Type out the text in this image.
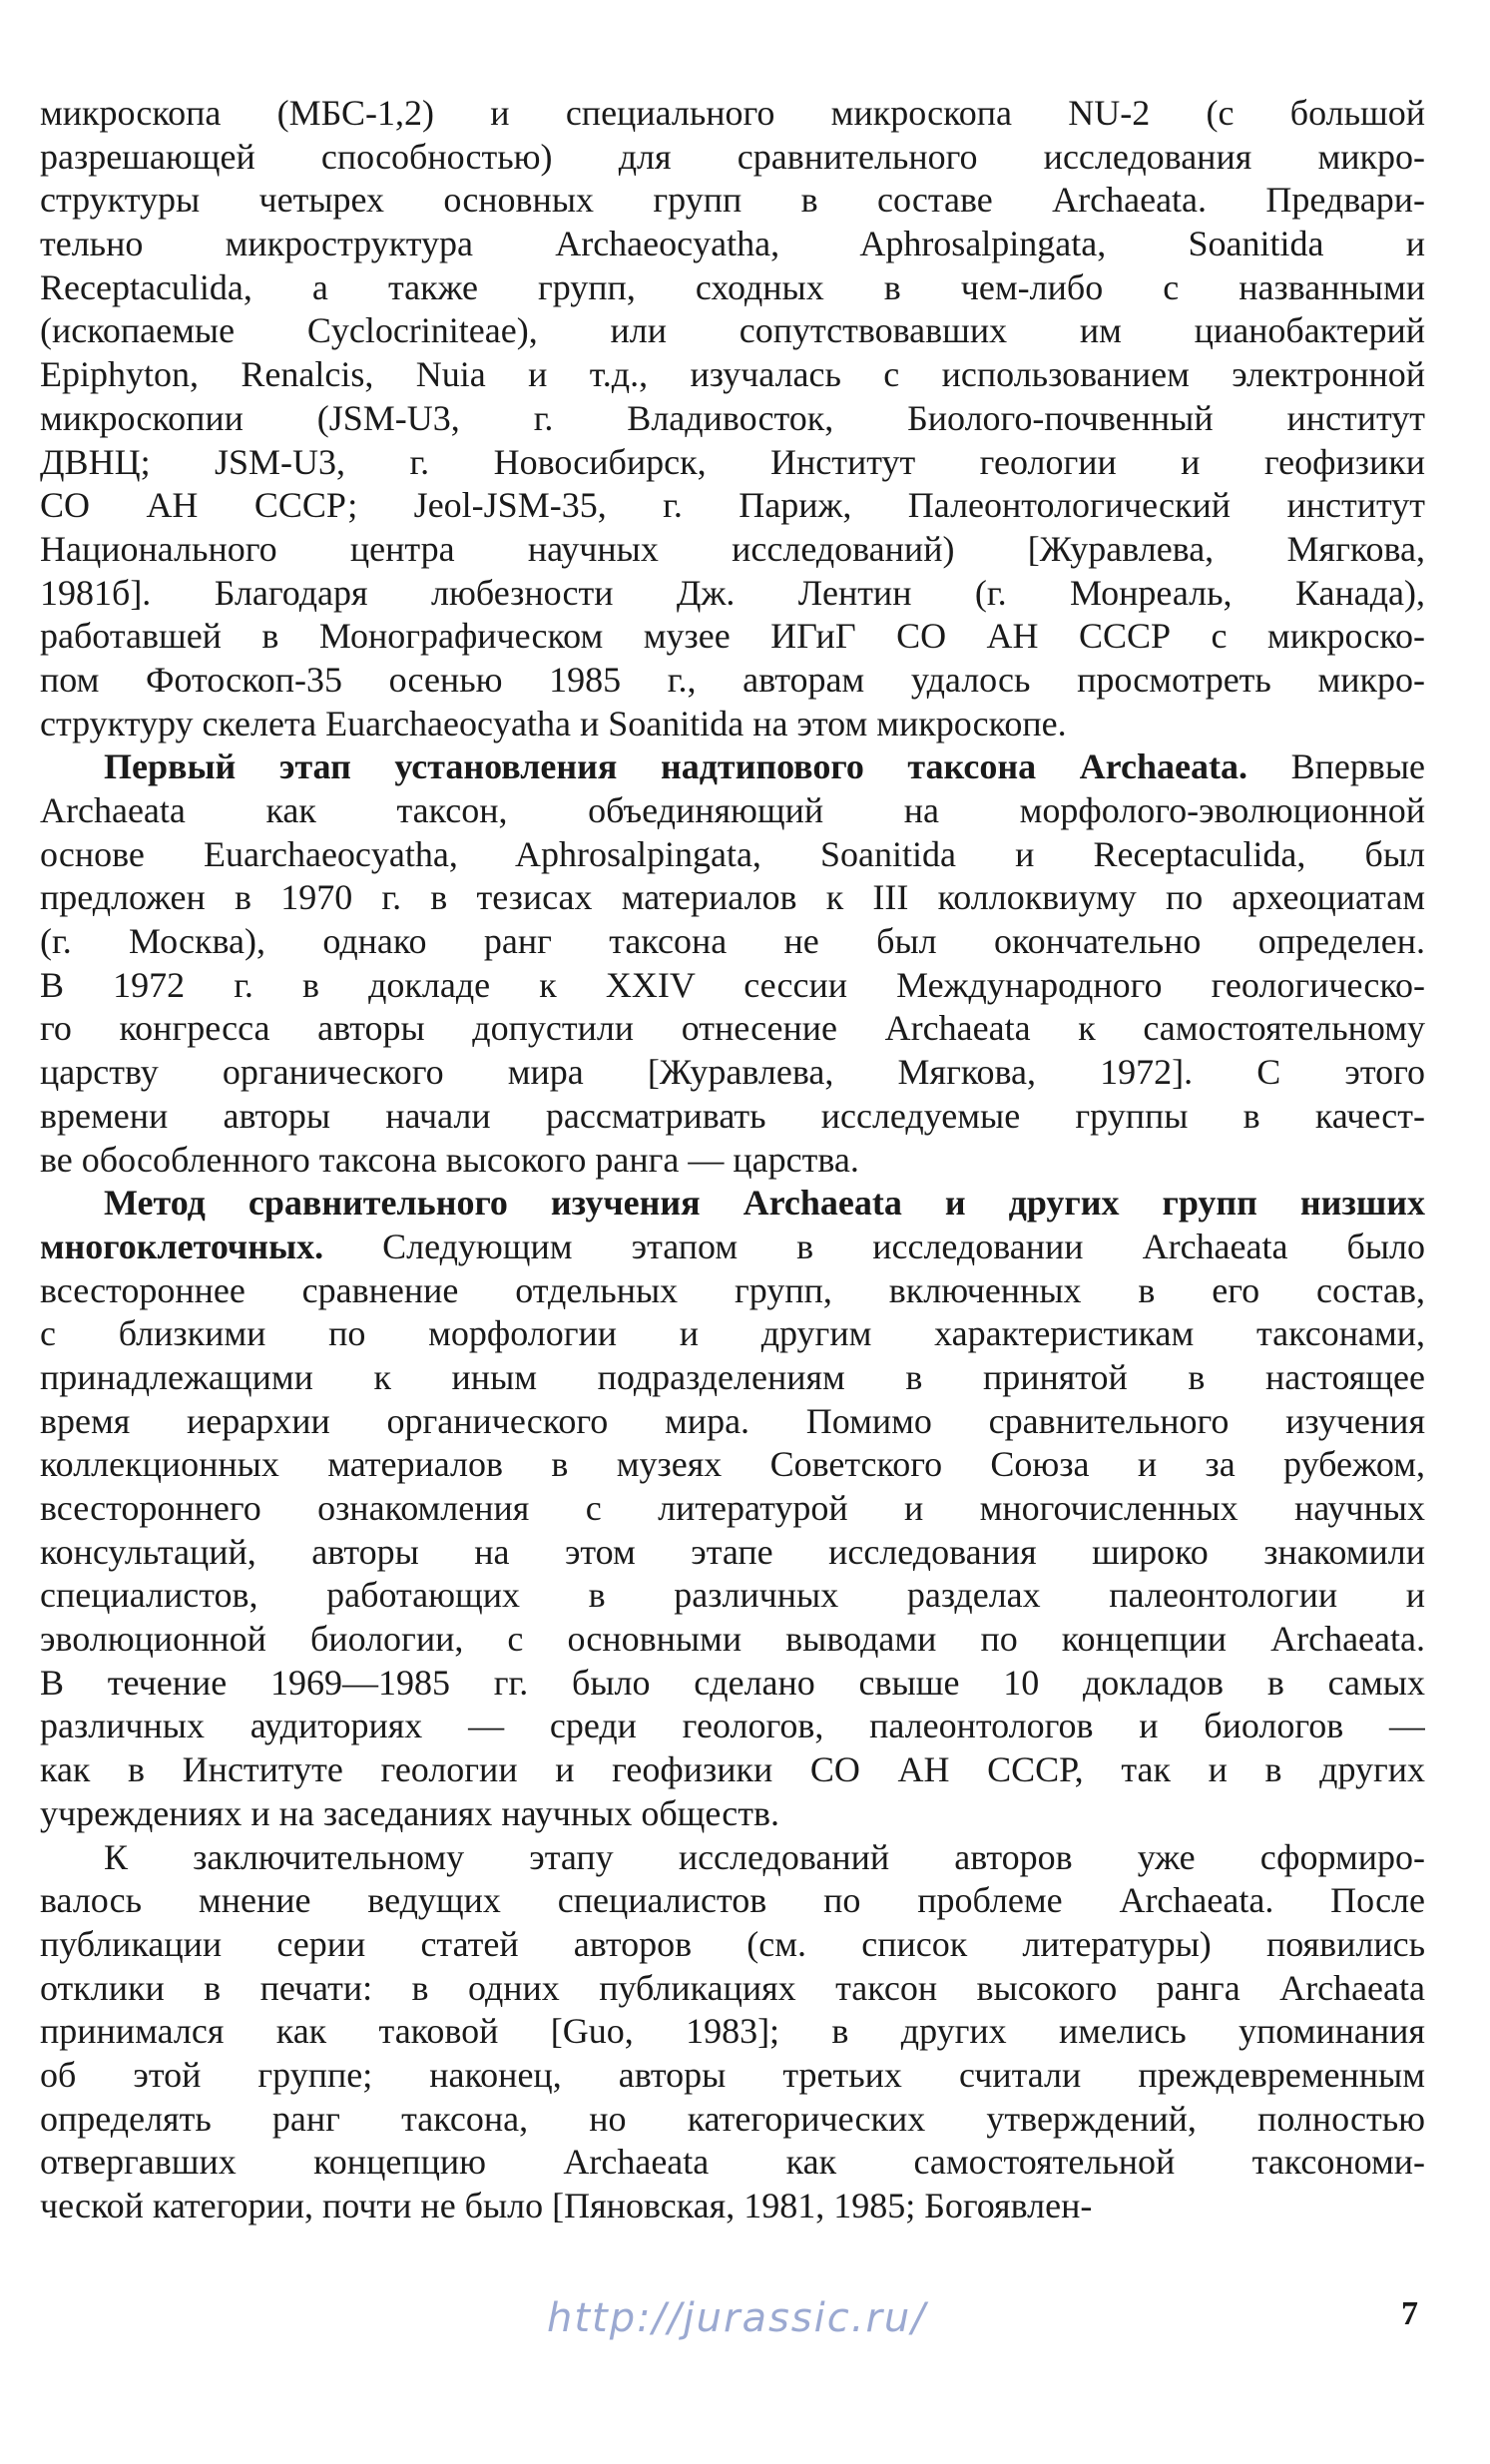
микроскопа (МБС-1,2) и специального микроскопа NU-2 (с большой
разрешающей способностью) для сравнительного исследования микро-
структуры четырех основных групп в составе Archaeata. Предвари-
тельно микроструктура Archaeocyatha, Aphrosalpingata, Soanitida и
Receptaculida, а также групп, сходных в чем-либо с названными
(ископаемые Cyclocriniteae), или сопутствовавших им цианобактерий
Epiphyton, Renalcis, Nuia и т.д., изучалась с использованием электронной
микроскопии (JSM-U3, г. Владивосток, Биолого-почвенный институт
ДВНЦ; JSM-U3, г. Новосибирск, Институт геологии и геофизики
СО АН СССР; Jeol-JSM-35, г. Париж, Палеонтологический институт
Национального центра научных исследований) [Журавлева, Мягкова,
1981б]. Благодаря любезности Дж. Лентин (г. Монреаль, Канада),
работавшей в Монографическом музее ИГиГ СО АН СССР с микроско-
пом Фотоскоп-35 осенью 1985 г., авторам удалось просмотреть микро-
структуру скелета Euarchaeocyatha и Soanitida на этом микроскопе.
Первый этап установления надтипового таксона Archaeata. Впервые
Archaeata как таксон, объединяющий на морфолого-эволюционной
основе Euarchaeocyatha, Aphrosalpingata, Soanitida и Receptaculida, был
предложен в 1970 г. в тезисах материалов к III коллоквиуму по археоциатам
(г. Москва), однако ранг таксона не был окончательно определен.
В 1972 г. в докладе к XXIV сессии Международного геологическо-
го конгресса авторы допустили отнесение Archaeata к самостоятельному
царству органического мира [Журавлева, Мягкова, 1972]. С этого
времени авторы начали рассматривать исследуемые группы в качест-
ве обособленного таксона высокого ранга — царства.
Метод сравнительного изучения Archaeata и других групп низших
многоклеточных. Следующим этапом в исследовании Archaeata было
всестороннее сравнение отдельных групп, включенных в его состав,
с близкими по морфологии и другим характеристикам таксонами,
принадлежащими к иным подразделениям в принятой в настоящее
время иерархии органического мира. Помимо сравнительного изучения
коллекционных материалов в музеях Советского Союза и за рубежом,
всестороннего ознакомления с литературой и многочисленных научных
консультаций, авторы на этом этапе исследования широко знакомили
специалистов, работающих в различных разделах палеонтологии и
эволюционной биологии, с основными выводами по концепции Archaeata.
В течение 1969—1985 гг. было сделано свыше 10 докладов в самых
различных аудиториях — среди геологов, палеонтологов и биологов —
как в Институте геологии и геофизики СО АН СССР, так и в других
учреждениях и на заседаниях научных обществ.
К заключительному этапу исследований авторов уже сформиро-
валось мнение ведущих специалистов по проблеме Archaeata. После
публикации серии статей авторов (см. список литературы) появились
отклики в печати: в одних публикациях таксон высокого ранга Archaeata
принимался как таковой [Guo, 1983]; в других имелись упоминания
об этой группе; наконец, авторы третьих считали преждевременным
определять ранг таксона, но категорических утверждений, полностью
отвергавших концепцию Archaeata как самостоятельной таксономи-
ческой категории, почти не было [Пяновская, 1981, 1985; Богоявлен-
http://jurassic.ru/	7
